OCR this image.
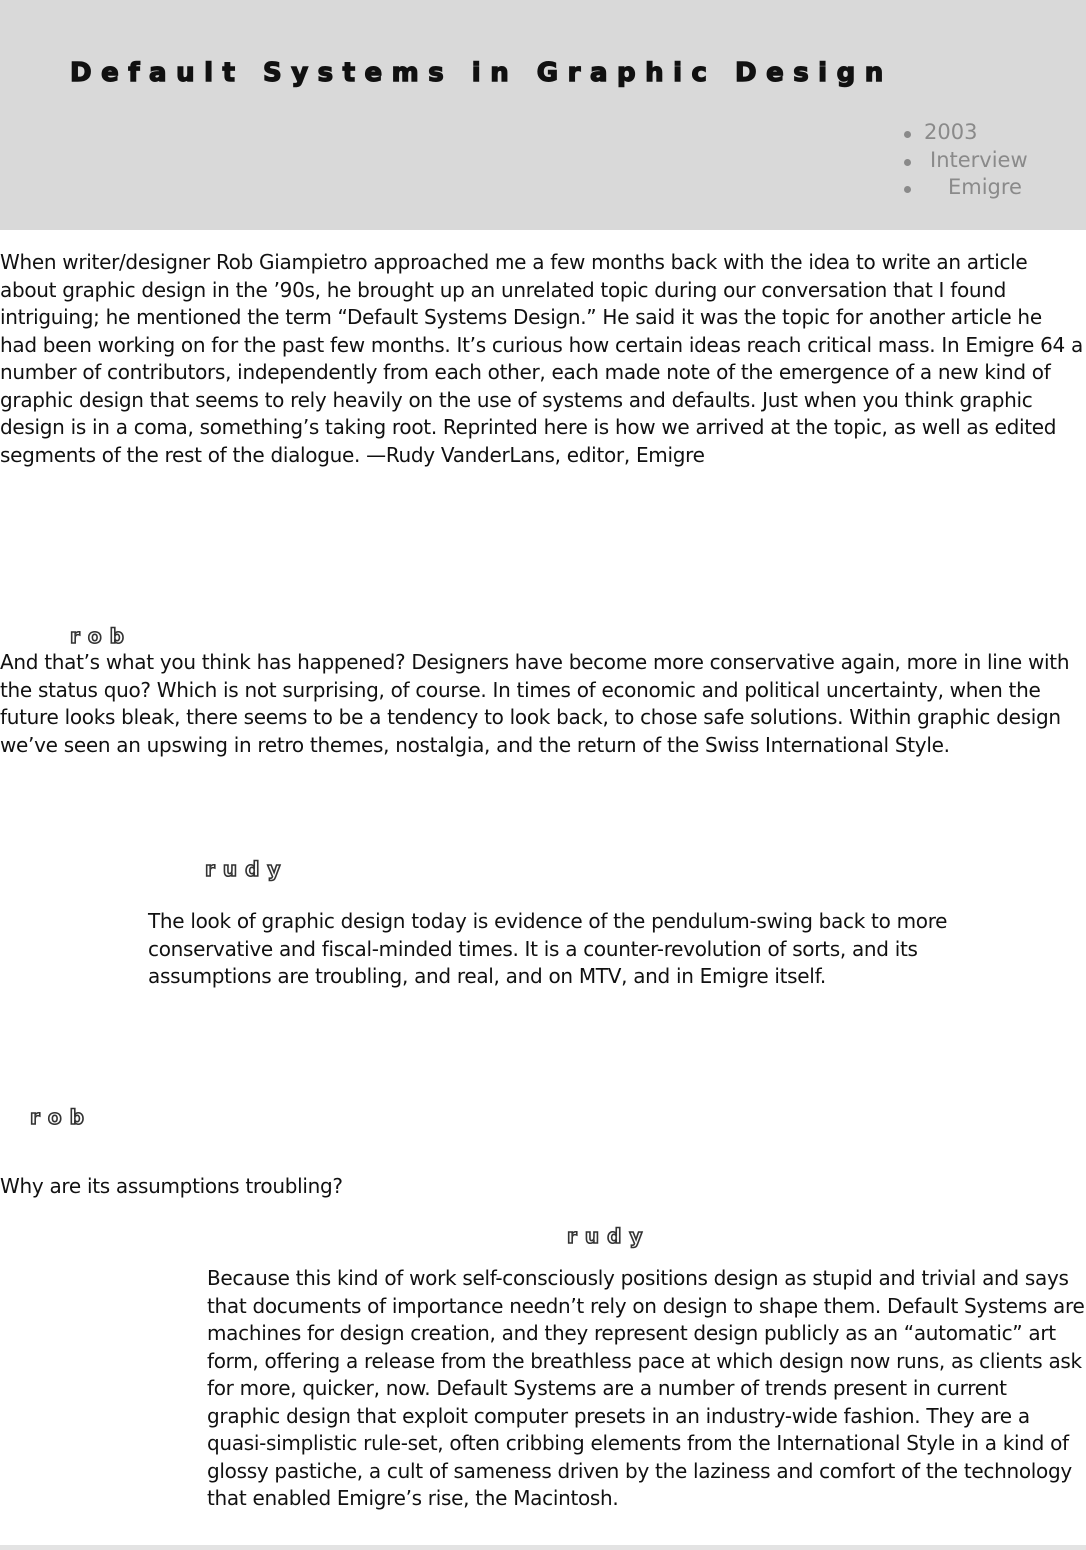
Default Systems in Graphic Design
2003
Interview
Emigre

When writer/designer Rob Giampietro approached me a few months back with the idea to write an article about graphic design in the ’90s, he brought up an unrelated topic during our conversation that I found intriguing; he mentioned the term “Default Systems Design.” He said it was the topic for another article he had been working on for the past few months. It’s curious how certain ideas reach critical mass. In Emigre 64 a number of contributors, independently from each other, each made note of the emergence of a new kind of graphic design that seems to rely heavily on the use of systems and defaults. Just when you think graphic design is in a coma, something’s taking root. Reprinted here is how we arrived at the topic, as well as edited segments of the rest of the dialogue. —Rudy VanderLans, editor, Emigre

rob

And that’s what you think has happened? Designers have become more conservative again, more in line with the status quo? Which is not surprising, of course. In times of economic and political uncertainty, when the future looks bleak, there seems to be a tendency to look back, to chose safe solutions. Within graphic design we’ve seen an upswing in retro themes, nostalgia, and the return of the Swiss International Style.

rudy

The look of graphic design today is evidence of the pendulum-swing back to more conservative and fiscal-minded times. It is a counter-revolution of sorts, and its assumptions are troubling, and real, and on MTV, and in Emigre itself.

rob

Why are its assumptions troubling?

rudy

Because this kind of work self-consciously positions design as stupid and trivial and says that documents of importance needn’t rely on design to shape them. Default Systems are machines for design creation, and they represent design publicly as an “automatic” art form, offering a release from the breathless pace at which design now runs, as clients ask for more, quicker, now. Default Systems are a number of trends present in current graphic design that exploit computer presets in an industry-wide fashion. They are a quasi-simplistic rule-set, often cribbing elements from the International Style in a kind of glossy pastiche, a cult of sameness driven by the laziness and comfort of the technology that enabled Emigre’s rise, the Macintosh.
